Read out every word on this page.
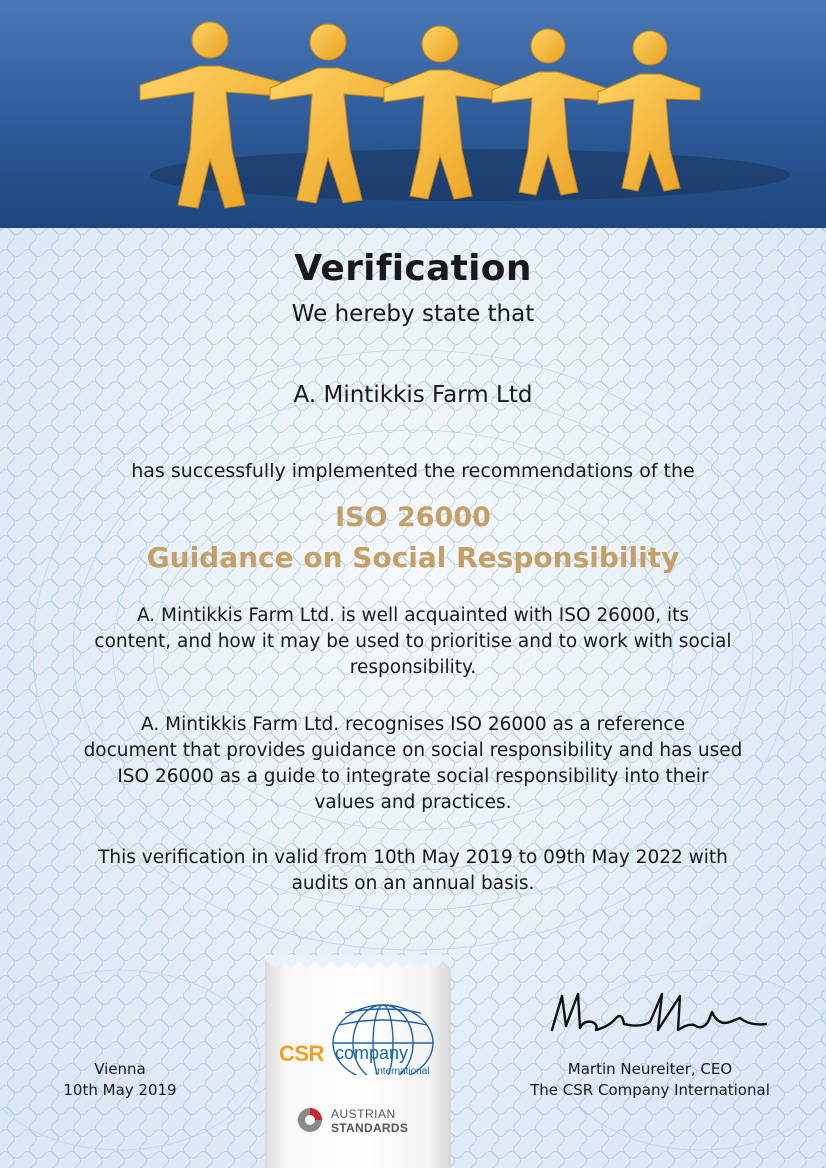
Verification

We hereby state that

A. Mintikkis Farm Ltd

has successfully implemented the recommendations of the

ISO 26000

Guidance on Social Responsibility

A. Mintikkis Farm Ltd. is well acquainted with ISO 26000, its
content, and how it may be used to prioritise and to work with social
responsibility.
A. Mintikkis Farm Ltd. recognises ISO 26000 as a reference
document that provides guidance on social responsibility and has used
ISO 26000 as a guide to integrate social responsibility into their
values and practices.
This verification in valid from 10th May 2019 to 09th May 2022 with
audits on an annual basis.
CSR company
international
AUSTRIAN
STANDARDS
Vienna
10th May 2019
Martin Neureiter, CEO
The CSR Company International
